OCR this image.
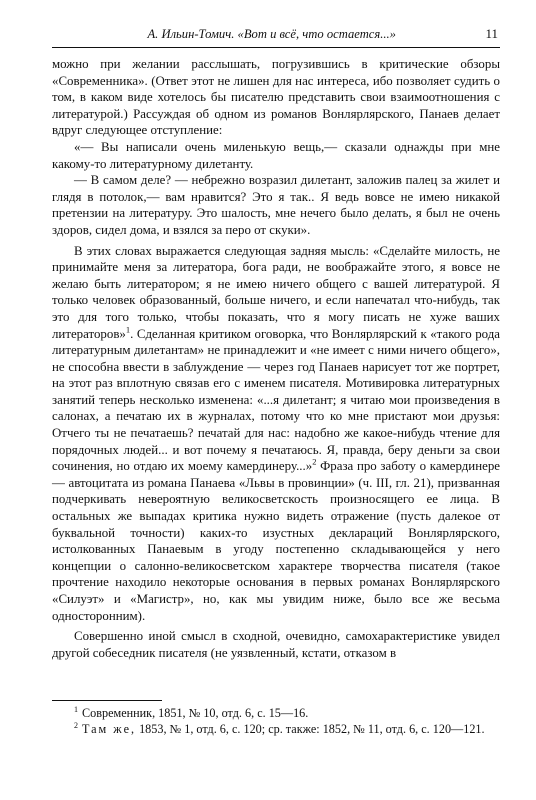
А. Ильин-Томич. «Вот и всё, что остается...»	11

можно при желании расслышать, погрузившись в критические обзоры «Современника». (Ответ этот не лишен для нас интереса, ибо позволяет судить о том, в каком виде хотелось бы писателю представить свои взаимоотношения с литературой.) Рассуждая об одном из романов Вонлярлярского, Панаев делает вдруг следующее отступление:

«— Вы написали очень миленькую вещь,— сказали однажды при мне какому-то литературному дилетанту.

— В самом деле? — небрежно возразил дилетант, заложив палец за жилет и глядя в потолок,— вам нравится? Это я так.. Я ведь вовсе не имею никакой претензии на литературу. Это шалость, мне нечего было делать, я был не очень здоров, сидел дома, и взялся за перо от скуки».

В этих словах выражается следующая задняя мысль: «Сделайте милость, не принимайте меня за литератора, бога ради, не воображайте этого, я вовсе не желаю быть литератором; я не имею ничего общего с вашей литературой. Я только человек образованный, больше ничего, и если напечатал что-нибудь, так это для того только, чтобы показать, что я могу писать не хуже ваших литераторов»$^1$. Сделанная критиком оговорка, что Вонлярлярский к «такого рода литературным дилетантам» не принадлежит и «не имеет с ними ничего общего», не способна ввести в заблуждение — через год Панаев нарисует тот же портрет, на этот раз вплотную связав его с именем писателя. Мотивировка литературных занятий теперь несколько изменена: «...я дилетант; я читаю мои произведения в салонах, а печатаю их в журналах, потому что ко мне пристают мои друзья: Отчего ты не печатаешь? печатай для нас: надобно же какое-нибудь чтение для порядочных людей... и вот почему я печатаюсь. Я, правда, беру деньги за свои сочинения, но отдаю их моему камердинеру...»$^2$ Фраза про заботу о камердинере — автоцитата из романа Панаева «Львы в провинции» (ч. III, гл. 21), призванная подчеркивать невероятную великосветскость произносящего ее лица. В остальных же выпадах критика нужно видеть отражение (пусть далекое от буквальной точности) каких-то изустных деклараций Вонлярлярского, истолкованных Панаевым в угоду постепенно складывающейся у него концепции о салонно-великосветском характере творчества писателя (такое прочтение находило некоторые основания в первых романах Вонлярлярского «Силуэт» и «Магистр», но, как мы увидим ниже, было все же весьма односторонним).

Совершенно иной смысл в сходной, очевидно, самохарактеристике увидел другой собеседник писателя (не уязвленный, кстати, отказом в

$^1$ Современник, 1851, № 10, отд. 6, с. 15—16.

$^2$ Там же, 1853, № 1, отд. 6, с. 120; ср. также: 1852, № 11, отд. 6, с. 120—121.
